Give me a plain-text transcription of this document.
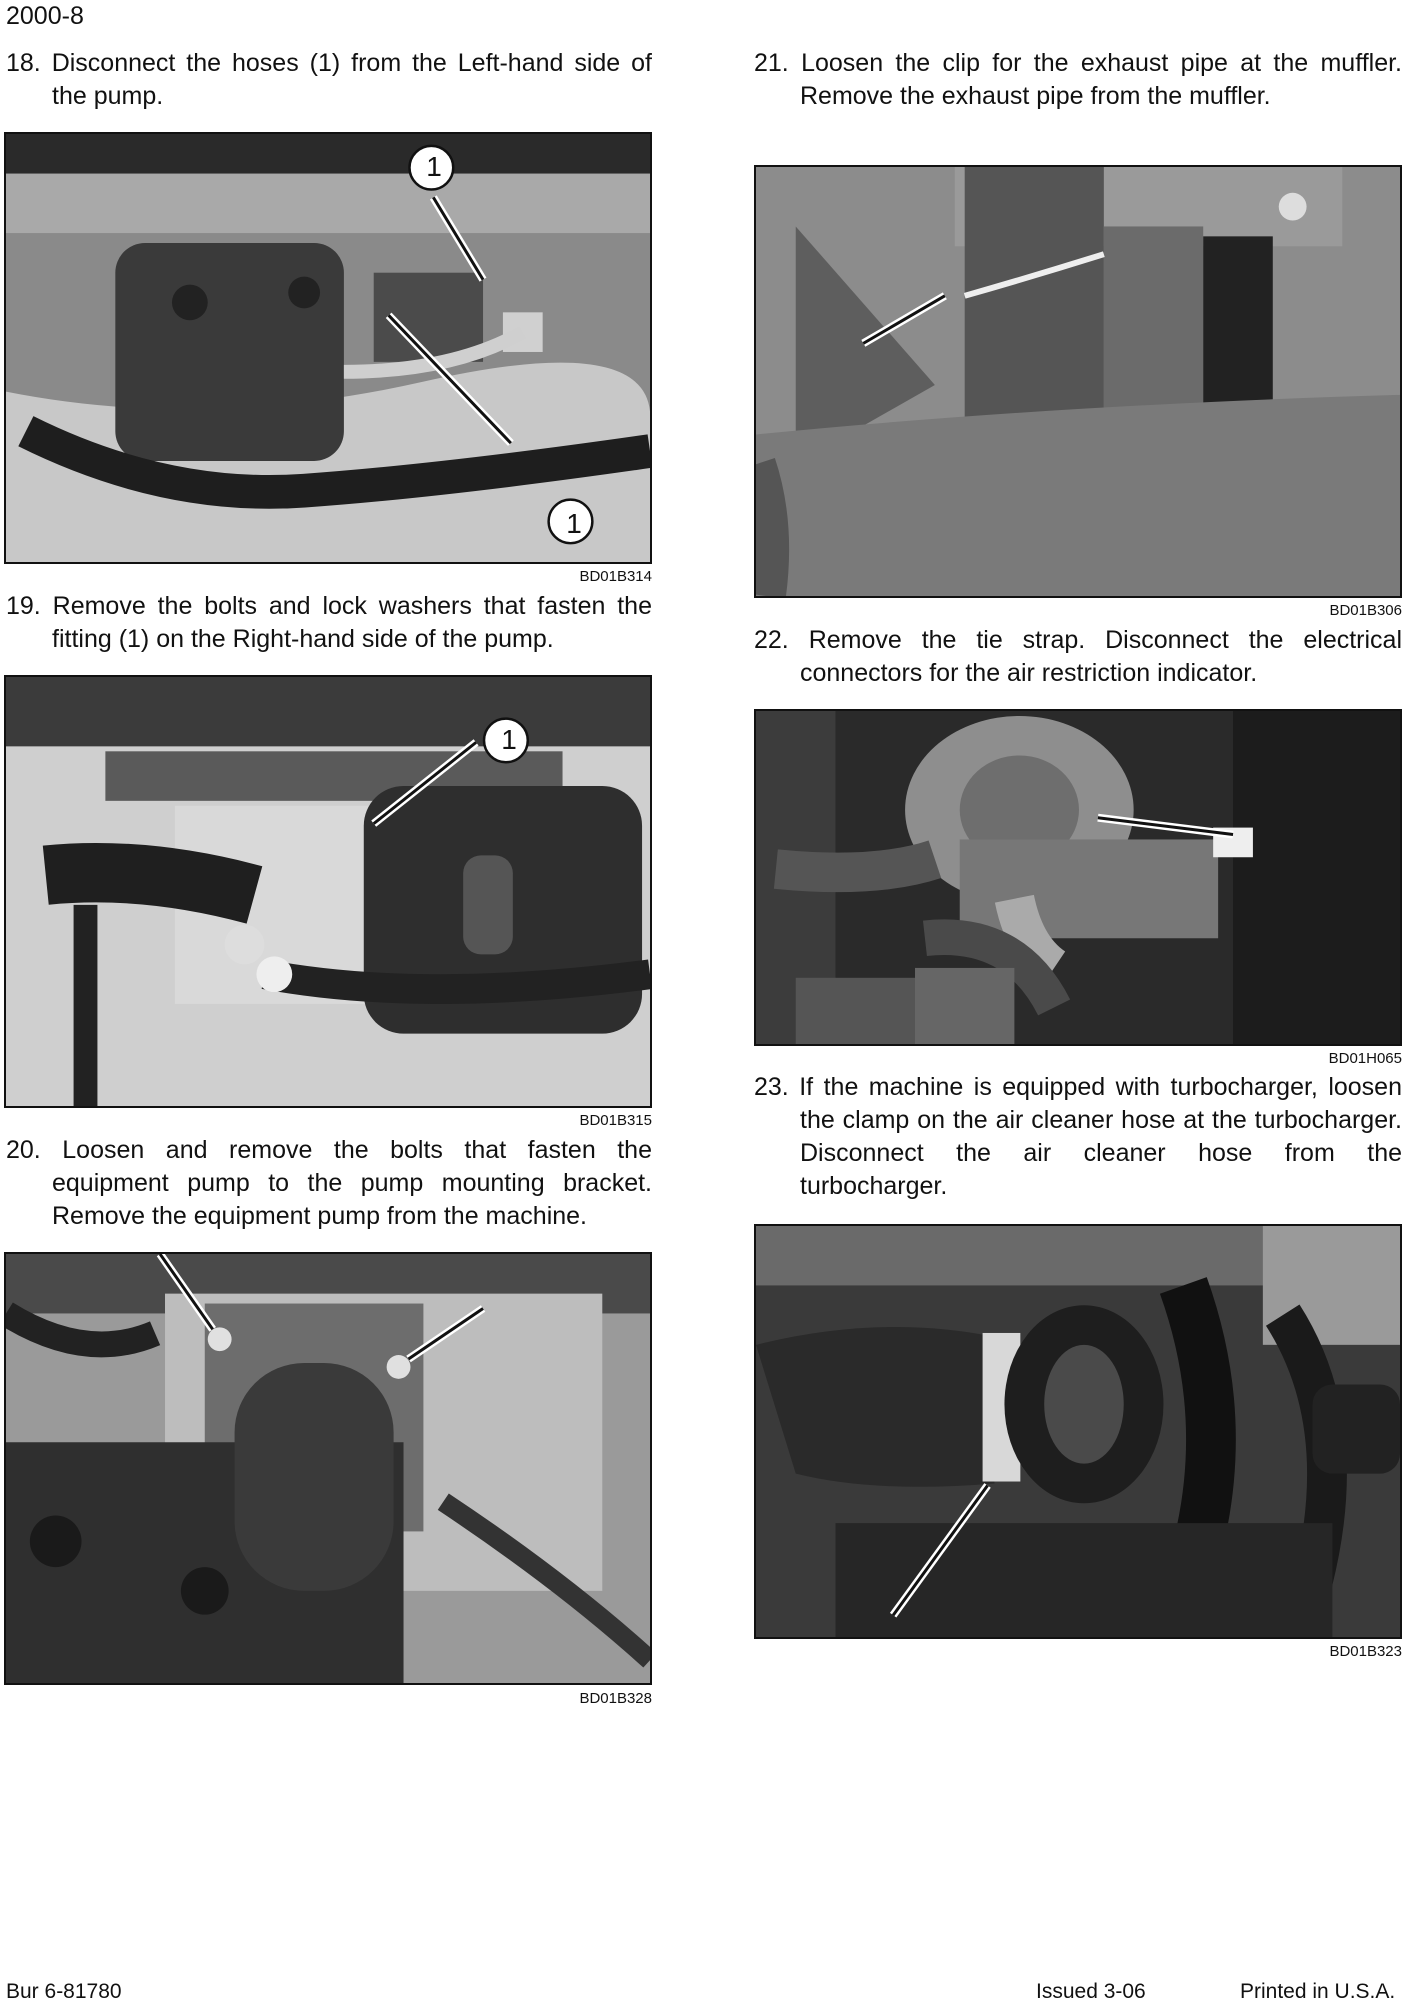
2000-8
18. Disconnect the hoses (1) from the Left-hand side of the pump.
1
1
BD01B314
19. Remove the bolts and lock washers that fasten the fitting (1) on the Right-hand side of the pump.
1
BD01B315
20. Loosen and remove the bolts that fasten the equipment pump to the pump mounting bracket. Remove the equipment pump from the machine.
BD01B328
21. Loosen the clip for the exhaust pipe at the muffler. Remove the exhaust pipe from the muffler.
BD01B306
22. Remove the tie strap. Disconnect the electrical connectors for the air restriction indicator.
BD01H065
23. If the machine is equipped with turbocharger, loosen the clamp on the air cleaner hose at the turbocharger. Disconnect the air cleaner hose from the turbocharger.
BD01B323
Bur 6-81780	Issued 3-06	Printed in U.S.A.
